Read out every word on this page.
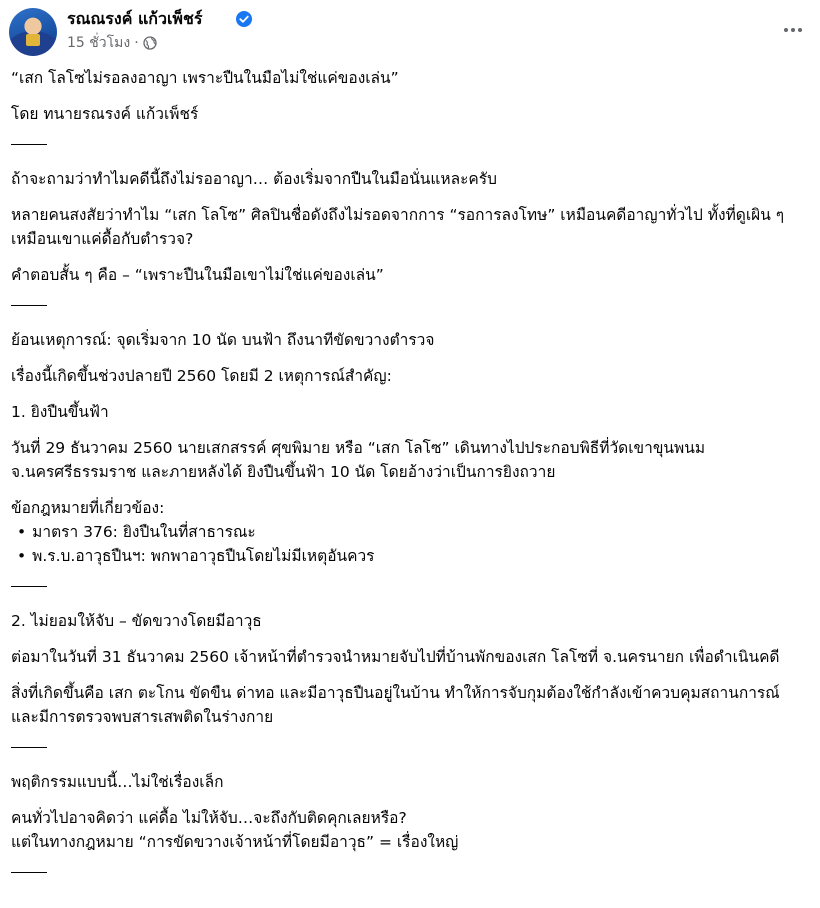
รณณรงค์ แก้วเพ็ชร์
15 ชั่วโมง ·

“เสก โลโซไม่รอลงอาญา เพราะปืนในมือไม่ใช่แค่ของเล่น”

โดย ทนายรณรงค์ แก้วเพ็ชร์

ถ้าจะถามว่าทำไมคดีนี้ถึงไม่รออาญา… ต้องเริ่มจากปืนในมือนั่นแหละครับ

หลายคนสงสัยว่าทำไม “เสก โลโซ” ศิลปินชื่อดังถึงไม่รอดจากการ “รอการลงโทษ” เหมือนคดีอาญาทั่วไป ทั้งที่ดูเผิน ๆ เหมือนเขาแค่ดื้อกับตำรวจ?

คำตอบสั้น ๆ คือ – “เพราะปืนในมือเขาไม่ใช่แค่ของเล่น”

ย้อนเหตุการณ์: จุดเริ่มจาก 10 นัด บนฟ้า ถึงนาทีขัดขวางตำรวจ

เรื่องนี้เกิดขึ้นช่วงปลายปี 2560 โดยมี 2 เหตุการณ์สำคัญ:

1. ยิงปืนขึ้นฟ้า

วันที่ 29 ธันวาคม 2560 นายเสกสรรค์ ศุขพิมาย หรือ “เสก โลโซ” เดินทางไปประกอบพิธีที่วัดเขาขุนพนม จ.นครศรีธรรมราช และภายหลังได้ ยิงปืนขึ้นฟ้า 10 นัด โดยอ้างว่าเป็นการยิงถวาย

ข้อกฎหมายที่เกี่ยวข้อง:

• มาตรา 376: ยิงปืนในที่สาธารณะ
• พ.ร.บ.อาวุธปืนฯ: พกพาอาวุธปืนโดยไม่มีเหตุอันควร

2. ไม่ยอมให้จับ – ขัดขวางโดยมีอาวุธ

ต่อมาในวันที่ 31 ธันวาคม 2560 เจ้าหน้าที่ตำรวจนำหมายจับไปที่บ้านพักของเสก โลโซที่ จ.นครนายก เพื่อดำเนินคดี

สิ่งที่เกิดขึ้นคือ เสก ตะโกน ขัดขืน ด่าทอ และมีอาวุธปืนอยู่ในบ้าน ทำให้การจับกุมต้องใช้กำลังเข้าควบคุมสถานการณ์ และมีการตรวจพบสารเสพติดในร่างกาย

พฤติกรรมแบบนี้…ไม่ใช่เรื่องเล็ก

คนทั่วไปอาจคิดว่า แค่ดื้อ ไม่ให้จับ…จะถึงกับติดคุกเลยหรือ?

แต่ในทางกฎหมาย “การขัดขวางเจ้าหน้าที่โดยมีอาวุธ” = เรื่องใหญ่
